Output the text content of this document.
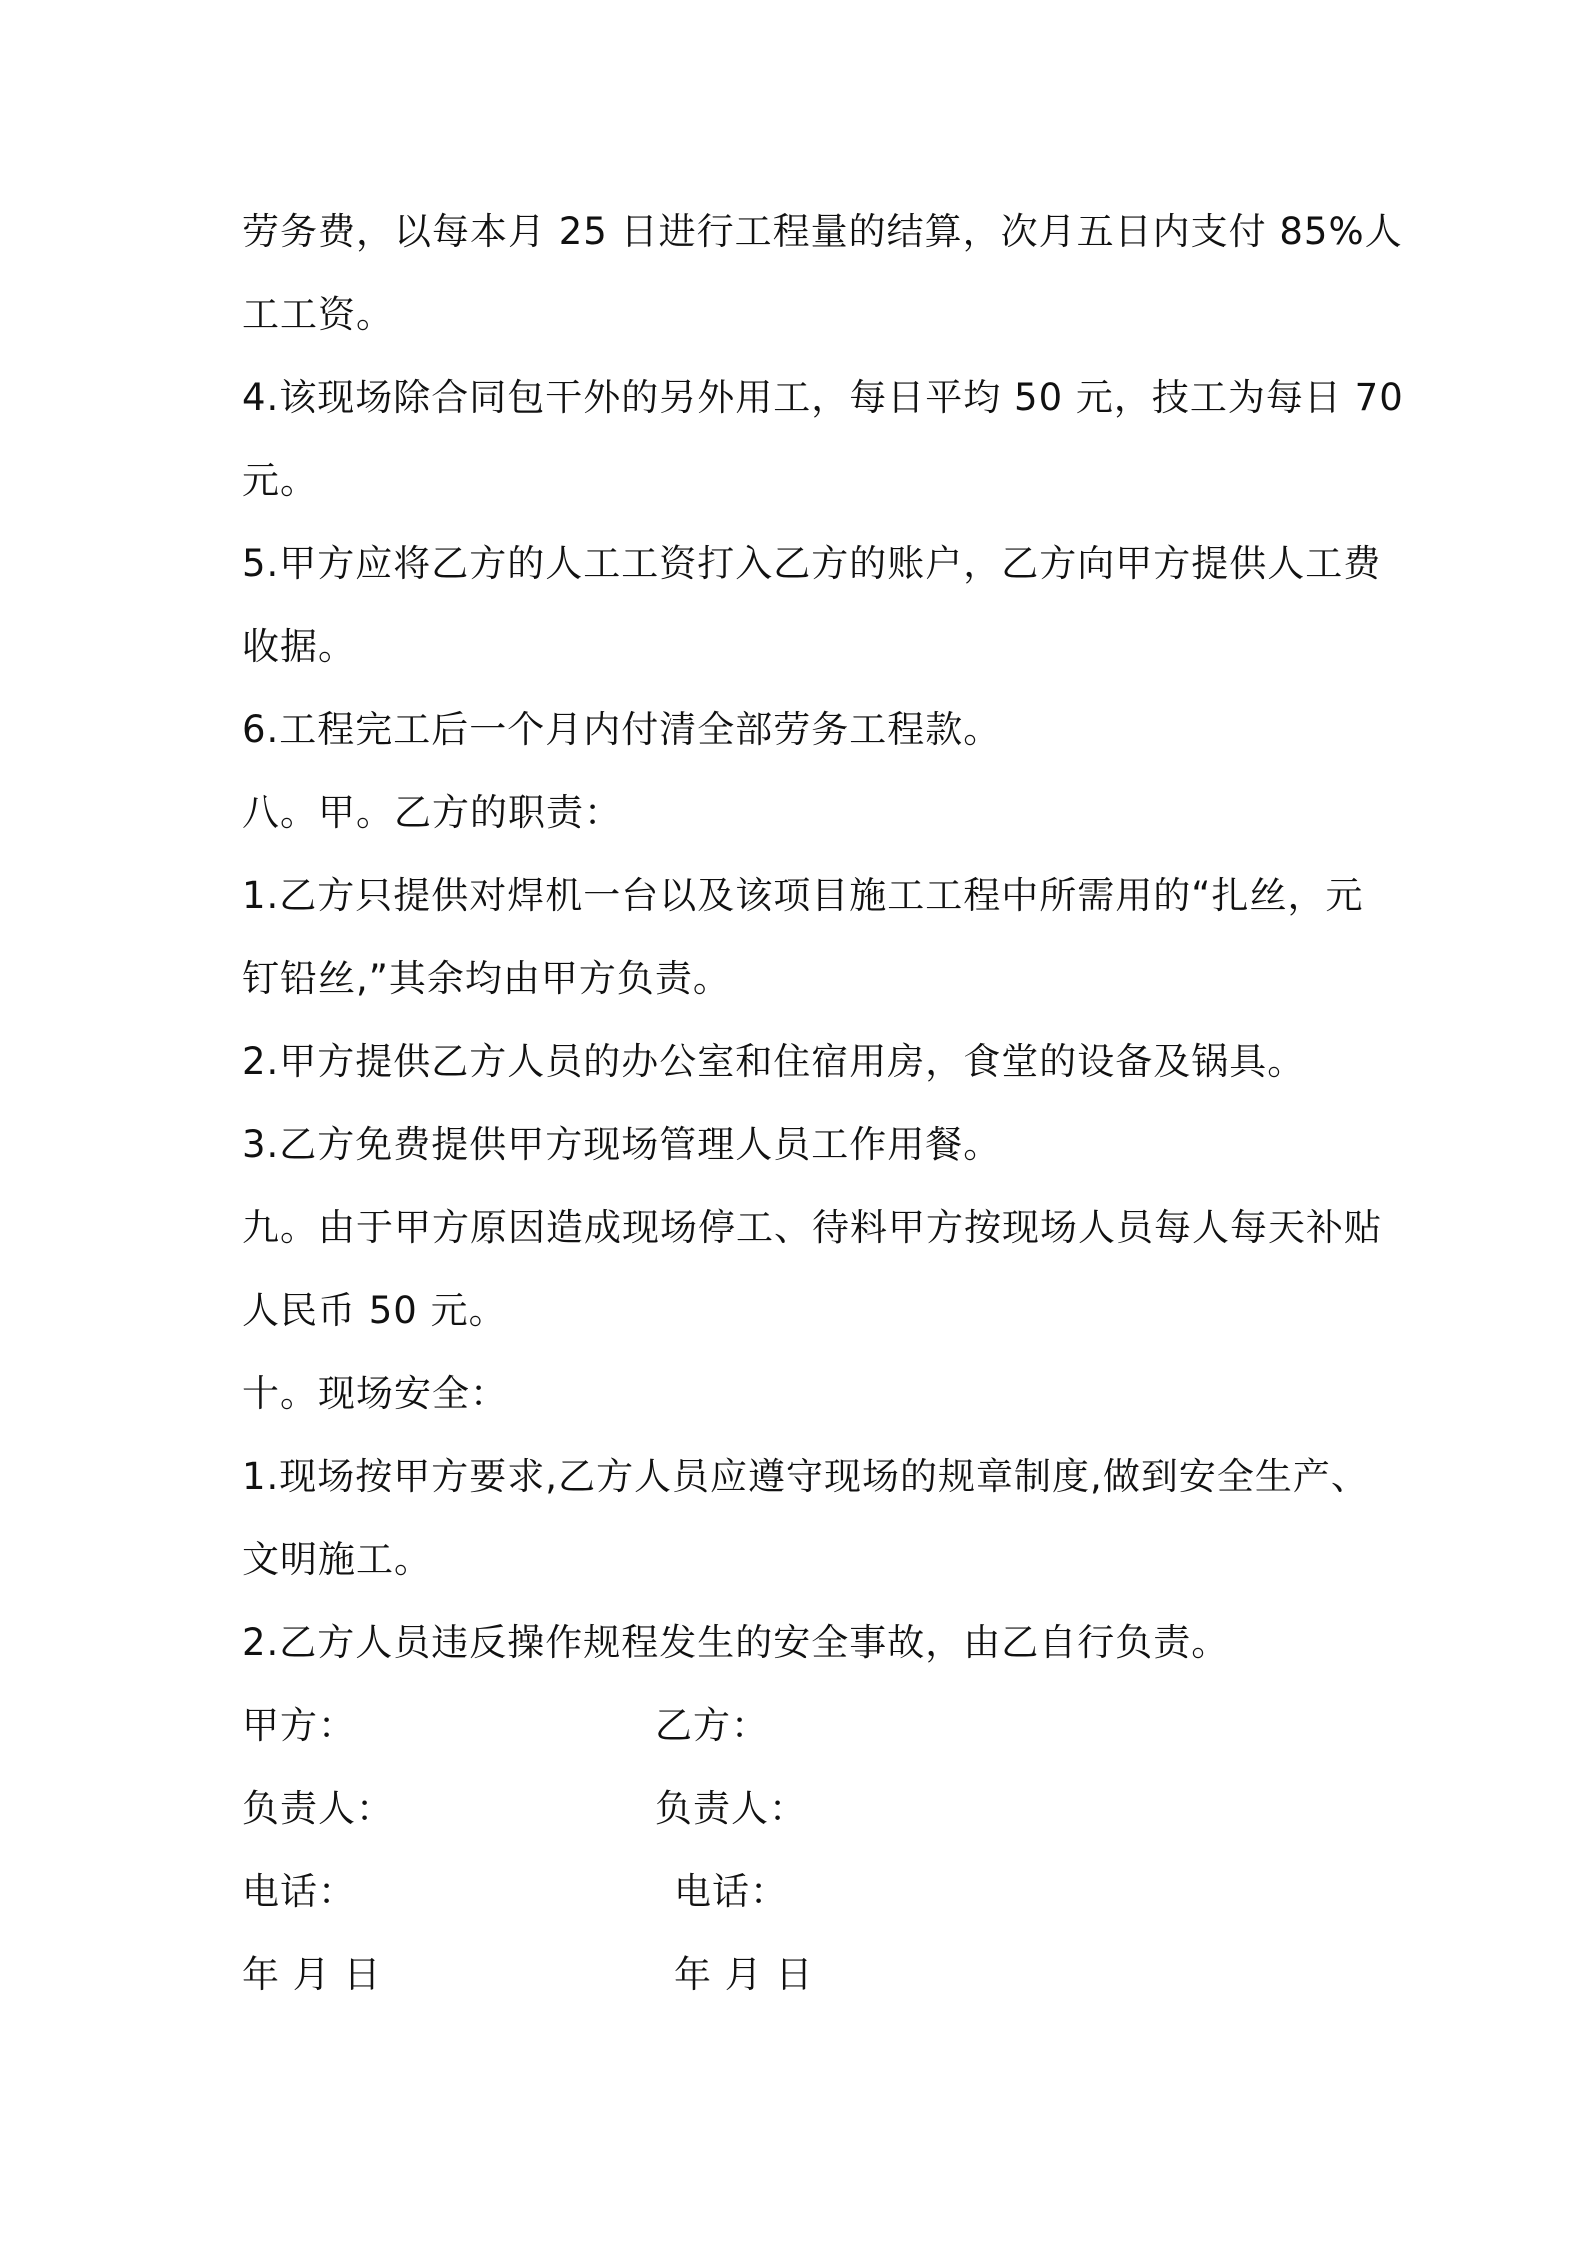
劳务费，以每本月 25 日进行工程量的结算，次月五日内支付 85%人
工工资。
4.该现场除合同包干外的另外用工，每日平均 50 元，技工为每日 70
元。
5.甲方应将乙方的人工工资打入乙方的账户，乙方向甲方提供人工费
收据。
6.工程完工后一个月内付清全部劳务工程款。
八。甲。乙方的职责：
1.乙方只提供对焊机一台以及该项目施工工程中所需用的“扎丝，元
钉铅丝,”其余均由甲方负责。
2.甲方提供乙方人员的办公室和住宿用房，食堂的设备及锅具。
3.乙方免费提供甲方现场管理人员工作用餐。
九。由于甲方原因造成现场停工、待料甲方按现场人员每人每天补贴
人民币 50 元。
十。现场安全：
1.现场按甲方要求,乙方人员应遵守现场的规章制度,做到安全生产、
文明施工。
2.乙方人员违反操作规程发生的安全事故，由乙自行负责。
甲方：	乙方：
负责人：	负责人：
电话：	电话：
年 月 日	年 月 日
